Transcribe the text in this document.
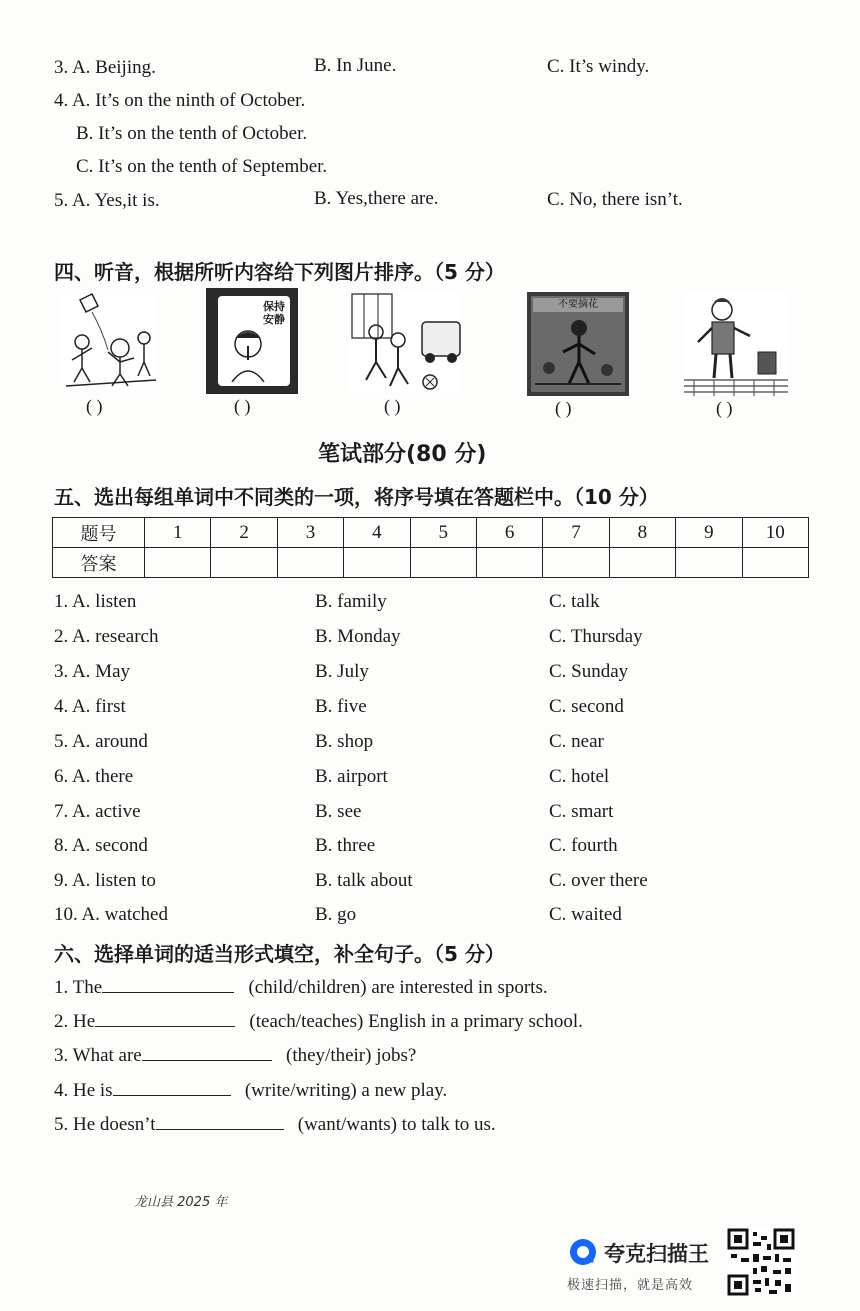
3. A. Beijing.	B. In June.	C. It’s windy.
4. A. It’s on the ninth of October.
B. It’s on the tenth of October.
C. It’s on the tenth of September.
5. A. Yes,it is.	B. Yes,there are.	C. No, there isn’t.
四、听音，根据所听内容给下列图片排序。（5 分）
( )
保持安静
( )	( )
不要摘花
( )	( )
笔试部分(80 分)
五、选出每组单词中不同类的一项，将序号填在答题栏中。（10 分）
题号	1	2	3	4	5	6	7	8	9	10
答案										
1. A. listen	B. family	C. talk
2. A. research	B. Monday	C. Thursday
3. A. May	B. July	C. Sunday
4. A. first	B. five	C. second
5. A. around	B. shop	C. near
6. A. there	B. airport	C. hotel
7. A. active	B. see	C. smart
8. A. second	B. three	C. fourth
9. A. listen to	B. talk about	C. over there
10. A. watched	B. go	C. waited
六、选择单词的适当形式填空，补全句子。（5 分）
1. The	(child/children) are interested in sports.
2. He	(teach/teaches) English in a primary school.
3. What are	(they/their) jobs?
4. He is	(write/writing) a new play.
5. He doesn’t	(want/wants) to talk to us.
龙山县 2025 年
夸克扫描王
极速扫描，就是高效
